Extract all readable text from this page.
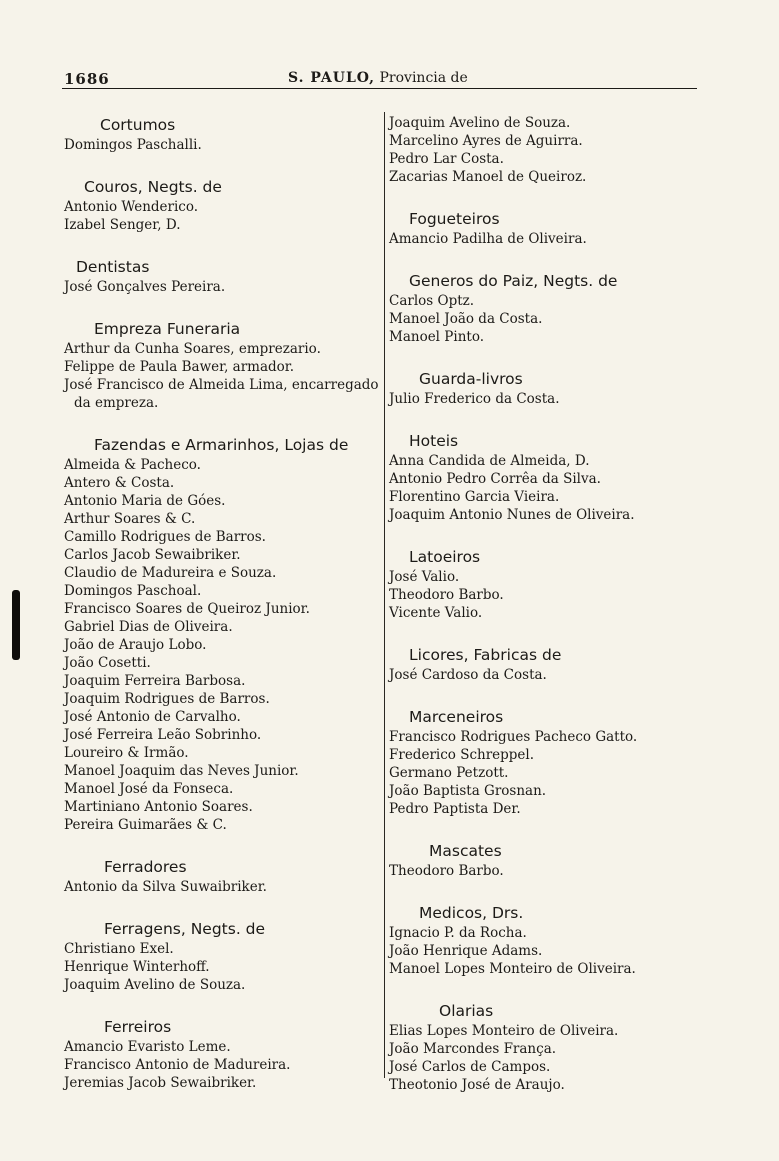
1686	S. PAULO, Provincia de
Cortumos
Domingos Paschalli.
Couros, Negts. de
Antonio Wenderico.
Izabel Senger, D.
Dentistas
José Gonçalves Pereira.
Empreza Funeraria
Arthur da Cunha Soares, emprezario.
Felippe de Paula Bawer, armador.
José Francisco de Almeida Lima, encarregado da empreza.
Fazendas e Armarinhos, Lojas de
Almeida & Pacheco.
Antero & Costa.
Antonio Maria de Góes.
Arthur Soares & C.
Camillo Rodrigues de Barros.
Carlos Jacob Sewaibriker.
Claudio de Madureira e Souza.
Domingos Paschoal.
Francisco Soares de Queiroz Junior.
Gabriel Dias de Oliveira.
João de Araujo Lobo.
João Cosetti.
Joaquim Ferreira Barbosa.
Joaquim Rodrigues de Barros.
José Antonio de Carvalho.
José Ferreira Leão Sobrinho.
Loureiro & Irmão.
Manoel Joaquim das Neves Junior.
Manoel José da Fonseca.
Martiniano Antonio Soares.
Pereira Guimarães & C.
Ferradores
Antonio da Silva Suwaibriker.
Ferragens, Negts. de
Christiano Exel.
Henrique Winterhoff.
Joaquim Avelino de Souza.
Ferreiros
Amancio Evaristo Leme.
Francisco Antonio de Madureira.
Jeremias Jacob Sewaibriker.
Joaquim Avelino de Souza.
Marcelino Ayres de Aguirra.
Pedro Lar Costa.
Zacarias Manoel de Queiroz.
Fogueteiros
Amancio Padilha de Oliveira.
Generos do Paiz, Negts. de
Carlos Optz.
Manoel João da Costa.
Manoel Pinto.
Guarda-livros
Julio Frederico da Costa.
Hoteis
Anna Candida de Almeida, D.
Antonio Pedro Corrêa da Silva.
Florentino Garcia Vieira.
Joaquim Antonio Nunes de Oliveira.
Latoeiros
José Valio.
Theodoro Barbo.
Vicente Valio.
Licores, Fabricas de
José Cardoso da Costa.
Marceneiros
Francisco Rodrigues Pacheco Gatto.
Frederico Schreppel.
Germano Petzott.
João Baptista Grosnan.
Pedro Paptista Der.
Mascates
Theodoro Barbo.
Medicos, Drs.
Ignacio P. da Rocha.
João Henrique Adams.
Manoel Lopes Monteiro de Oliveira.
Olarias
Elias Lopes Monteiro de Oliveira.
João Marcondes França.
José Carlos de Campos.
Theotonio José de Araujo.
